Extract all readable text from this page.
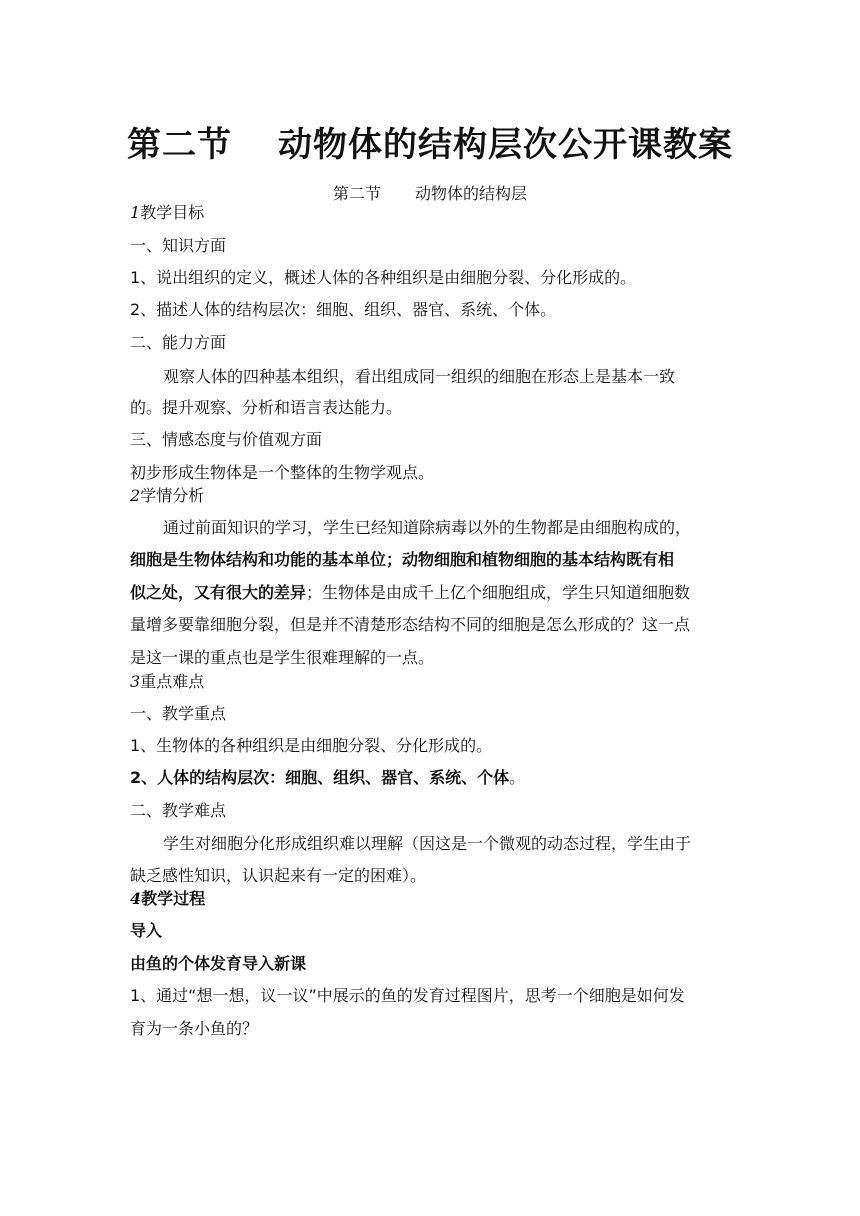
第二节 动物体的结构层次公开课教案
第二节 动物体的结构层
1教学目标
一、知识方面
1、说出组织的定义，概述人体的各种组织是由细胞分裂、分化形成的。
2、描述人体的结构层次：细胞、组织、器官、系统、个体。
二、能力方面
观察人体的四种基本组织，看出组成同一组织的细胞在形态上是基本一致
的。提升观察、分析和语言表达能力。
三、情感态度与价值观方面
初步形成生物体是一个整体的生物学观点。
2学情分析
通过前面知识的学习，学生已经知道除病毒以外的生物都是由细胞构成的，
细胞是生物体结构和功能的基本单位；动物细胞和植物细胞的基本结构既有相
似之处，又有很大的差异；生物体是由成千上亿个细胞组成，学生只知道细胞数
量增多要靠细胞分裂，但是并不清楚形态结构不同的细胞是怎么形成的？这一点
是这一课的重点也是学生很难理解的一点。
3重点难点
一、教学重点
1、生物体的各种组织是由细胞分裂、分化形成的。
2、人体的结构层次：细胞、组织、器官、系统、个体。
二、教学难点
学生对细胞分化形成组织难以理解（因这是一个微观的动态过程，学生由于
缺乏感性知识，认识起来有一定的困难）。
4教学过程
导入
由鱼的个体发育导入新课
1、通过“想一想，议一议”中展示的鱼的发育过程图片，思考一个细胞是如何发
育为一条小鱼的？
